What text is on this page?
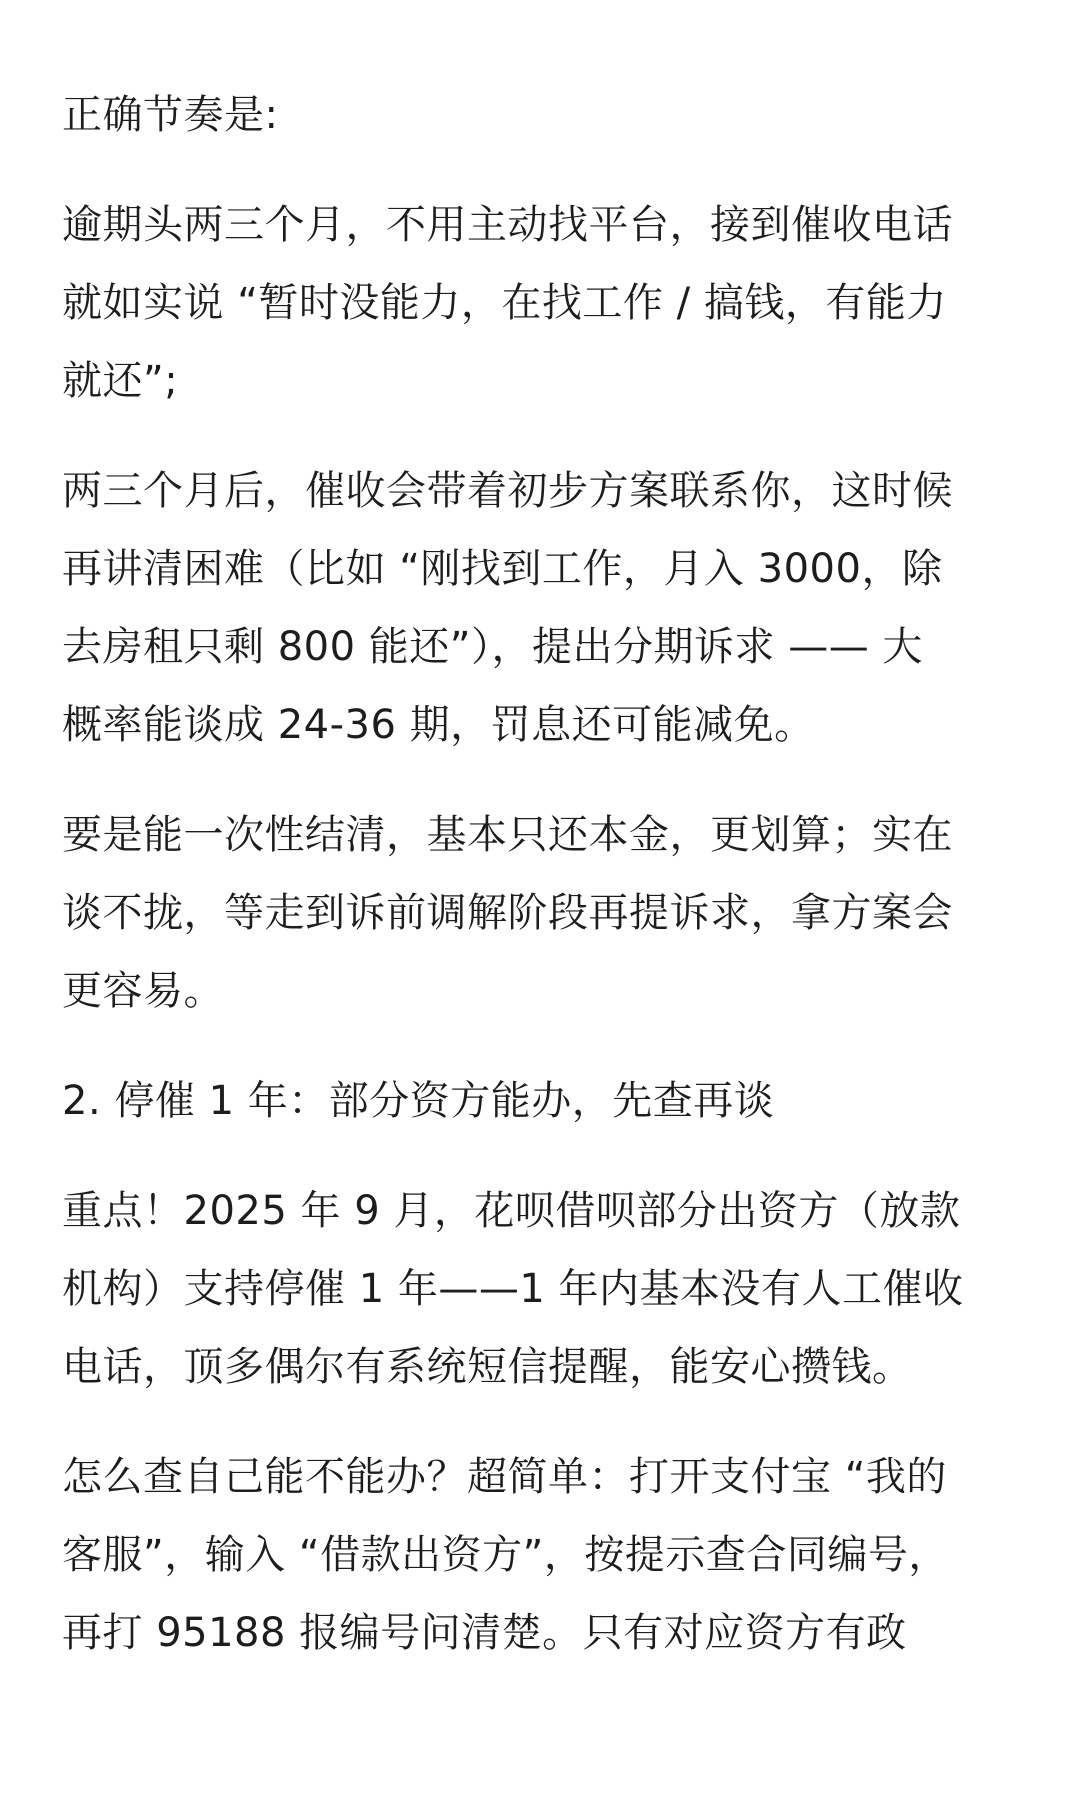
正确节奏是:

逾期头两三个月，不用主动找平台，接到催收电话
就如实说 “暂时没能力，在找工作 / 搞钱，有能力
就还”;

两三个月后，催收会带着初步方案联系你，这时候
再讲清困难（比如 “刚找到工作，月入 3000，除
去房租只剩 800 能还”），提出分期诉求 —— 大
概率能谈成 24-36 期，罚息还可能减免。

要是能一次性结清，基本只还本金，更划算；实在
谈不拢，等走到诉前调解阶段再提诉求，拿方案会
更容易。

2. 停催 1 年：部分资方能办，先查再谈

重点！2025 年 9 月，花呗借呗部分出资方（放款
机构）支持停催 1 年——1 年内基本没有人工催收
电话，顶多偶尔有系统短信提醒，能安心攒钱。

怎么查自己能不能办？超简单：打开支付宝 “我的
客服”，输入 “借款出资方”，按提示查合同编号，
再打 95188 报编号问清楚。只有对应资方有政
